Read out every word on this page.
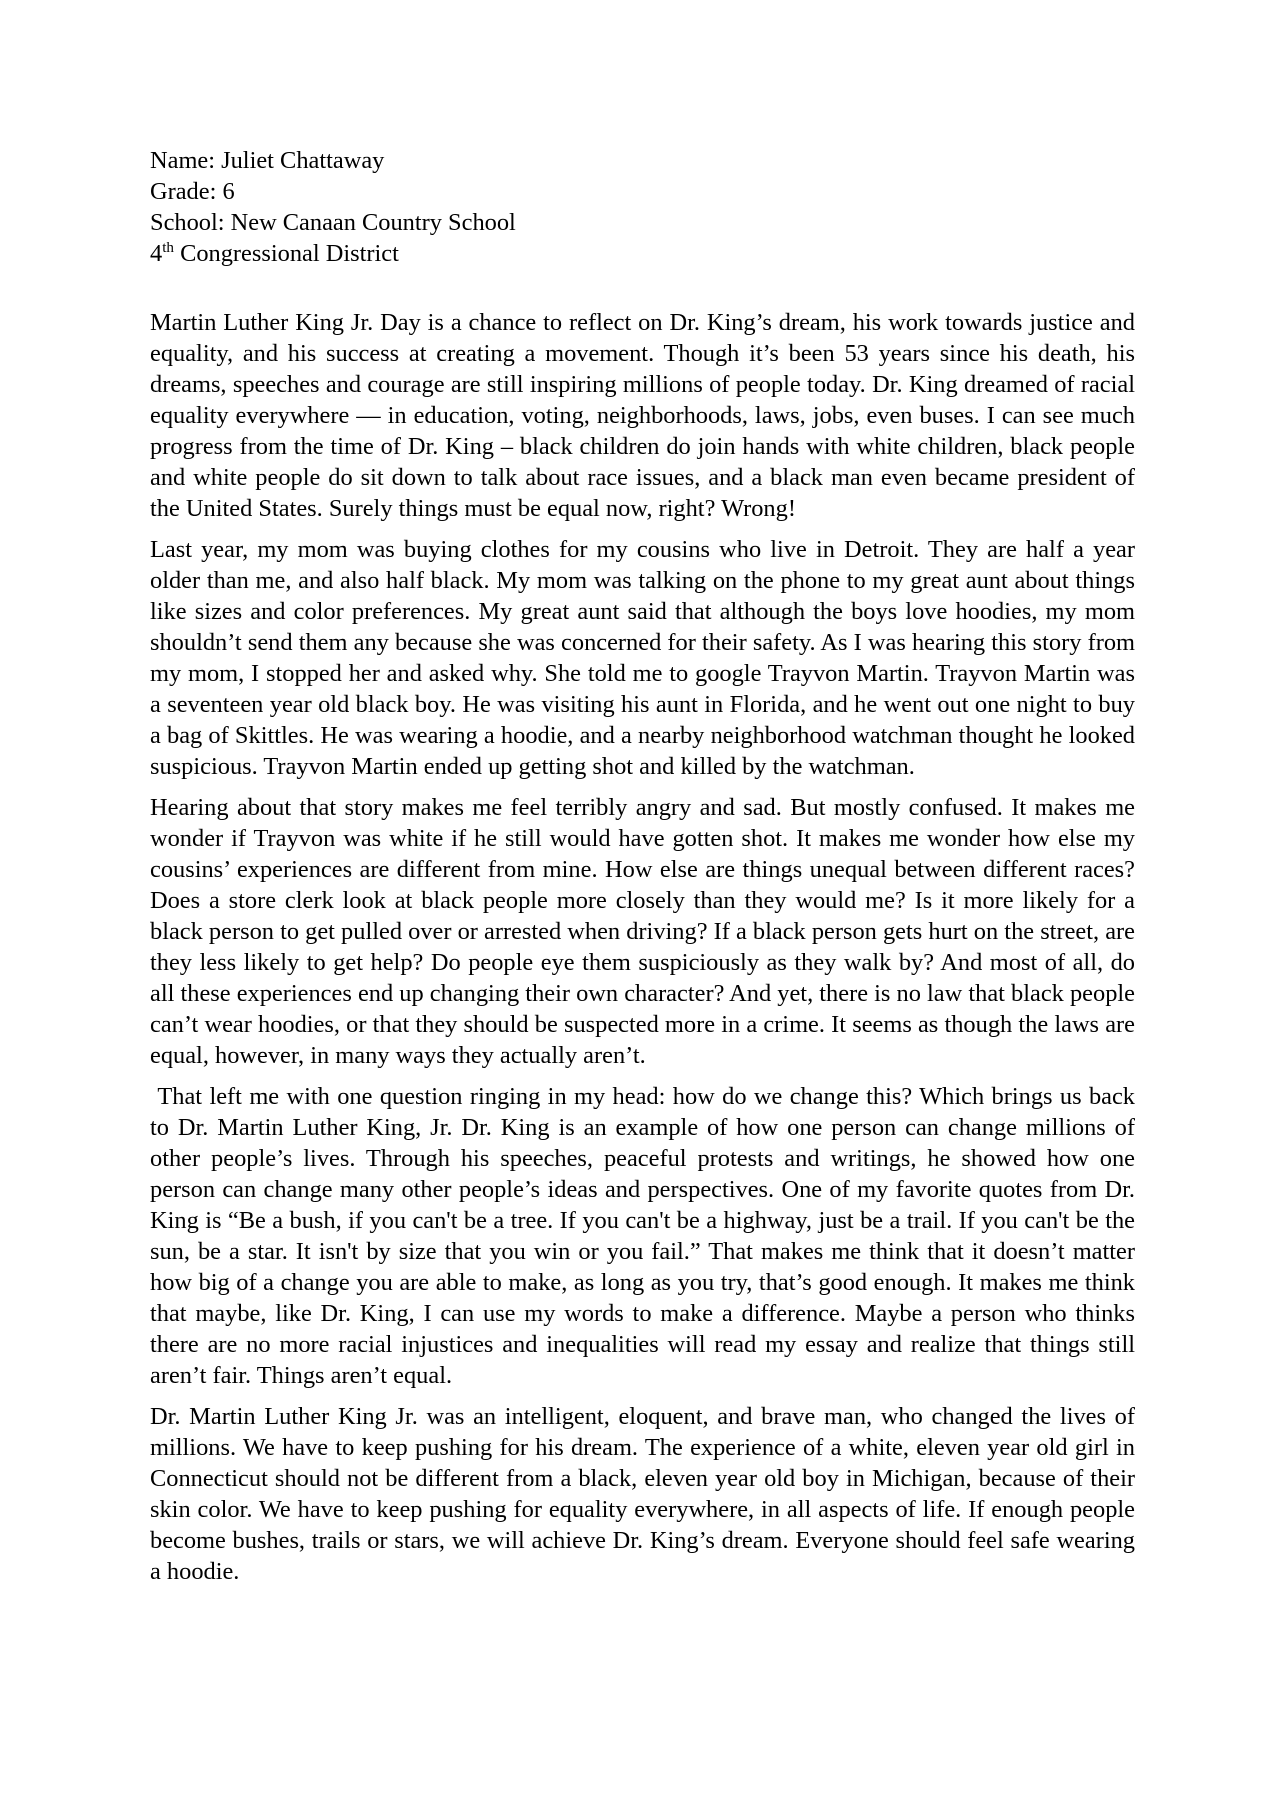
Name: Juliet Chattaway

Grade: 6

School: New Canaan Country School

4th Congressional District

Martin Luther King Jr. Day is a chance to reflect on Dr. King’s dream, his work towards justice and equality, and his success at creating a movement. Though it’s been 53 years since his death, his dreams, speeches and courage are still inspiring millions of people today. Dr. King dreamed of racial equality everywhere — in education, voting, neighborhoods, laws, jobs, even buses. I can see much progress from the time of Dr. King – black children do join hands with white children, black people and white people do sit down to talk about race issues, and a black man even became president of the United States. Surely things must be equal now, right? Wrong!

Last year, my mom was buying clothes for my cousins who live in Detroit. They are half a year older than me, and also half black. My mom was talking on the phone to my great aunt about things like sizes and color preferences. My great aunt said that although the boys love hoodies, my mom shouldn’t send them any because she was concerned for their safety. As I was hearing this story from my mom, I stopped her and asked why. She told me to google Trayvon Martin. Trayvon Martin was a seventeen year old black boy. He was visiting his aunt in Florida, and he went out one night to buy a bag of Skittles. He was wearing a hoodie, and a nearby neighborhood watchman thought he looked suspicious. Trayvon Martin ended up getting shot and killed by the watchman.

Hearing about that story makes me feel terribly angry and sad. But mostly confused. It makes me wonder if Trayvon was white if he still would have gotten shot. It makes me wonder how else my cousins’ experiences are different from mine. How else are things unequal between different races? Does a store clerk look at black people more closely than they would me? Is it more likely for a black person to get pulled over or arrested when driving? If a black person gets hurt on the street, are they less likely to get help? Do people eye them suspiciously as they walk by? And most of all, do all these experiences end up changing their own character? And yet, there is no law that black people can’t wear hoodies, or that they should be suspected more in a crime. It seems as though the laws are equal, however, in many ways they actually aren’t.

That left me with one question ringing in my head: how do we change this? Which brings us back to Dr. Martin Luther King, Jr. Dr. King is an example of how one person can change millions of other people’s lives. Through his speeches, peaceful protests and writings, he showed how one person can change many other people’s ideas and perspectives. One of my favorite quotes from Dr. King is “Be a bush, if you can't be a tree. If you can't be a highway, just be a trail. If you can't be the sun, be a star. It isn't by size that you win or you fail.” That makes me think that it doesn’t matter how big of a change you are able to make, as long as you try, that’s good enough. It makes me think that maybe, like Dr. King, I can use my words to make a difference. Maybe a person who thinks there are no more racial injustices and inequalities will read my essay and realize that things still aren’t fair. Things aren’t equal.

Dr. Martin Luther King Jr. was an intelligent, eloquent, and brave man, who changed the lives of millions. We have to keep pushing for his dream. The experience of a white, eleven year old girl in Connecticut should not be different from a black, eleven year old boy in Michigan, because of their skin color. We have to keep pushing for equality everywhere, in all aspects of life. If enough people become bushes, trails or stars, we will achieve Dr. King’s dream. Everyone should feel safe wearing a hoodie.
